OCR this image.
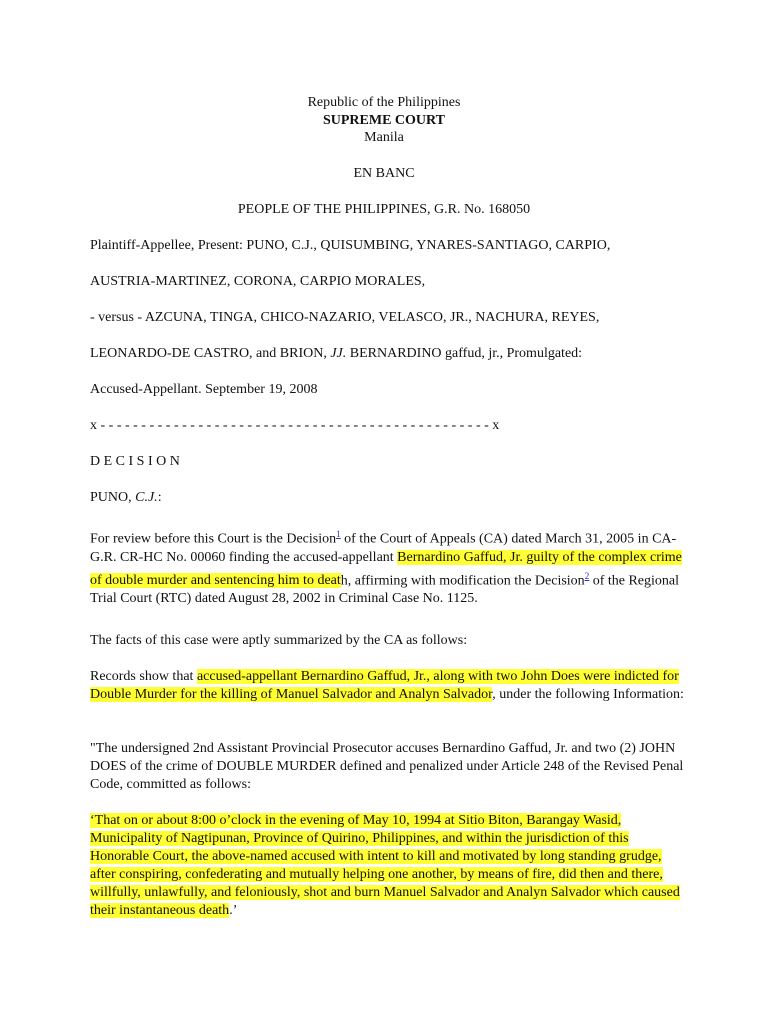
Republic of the Philippines
SUPREME COURT
Manila
EN BANC
PEOPLE OF THE PHILIPPINES, G.R. No. 168050
Plaintiff-Appellee, Present: PUNO, C.J., QUISUMBING, YNARES-SANTIAGO, CARPIO,
AUSTRIA-MARTINEZ, CORONA, CARPIO MORALES,
- versus - AZCUNA, TINGA, CHICO-NAZARIO, VELASCO, JR., NACHURA, REYES,
LEONARDO-DE CASTRO, and BRION, JJ. BERNARDINO gaffud, jr., Promulgated:
Accused-Appellant. September 19, 2008
x - - - - - - - - - - - - - - - - - - - - - - - - - - - - - - - - - - - - - - - - - - - - - - - - x
D E C I S I O N
PUNO, C.J.:
For review before this Court is the Decision$^1$ of the Court of Appeals (CA) dated March 31, 2005 in CA-G.R. CR-HC No. 00060 finding the accused-appellant Bernardino Gaffud, Jr. guilty of the complex crime of double murder and sentencing him to death, affirming with modification the Decision$^2$ of the Regional Trial Court (RTC) dated August 28, 2002 in Criminal Case No. 1125.
The facts of this case were aptly summarized by the CA as follows:
Records show that accused-appellant Bernardino Gaffud, Jr., along with two John Does were indicted for Double Murder for the killing of Manuel Salvador and Analyn Salvador, under the following Information:
"The undersigned 2nd Assistant Provincial Prosecutor accuses Bernardino Gaffud, Jr. and two (2) JOHN DOES of the crime of DOUBLE MURDER defined and penalized under Article 248 of the Revised Penal Code, committed as follows:
‘That on or about 8:00 o’clock in the evening of May 10, 1994 at Sitio Biton, Barangay Wasid, Municipality of Nagtipunan, Province of Quirino, Philippines, and within the jurisdiction of this Honorable Court, the above-named accused with intent to kill and motivated by long standing grudge, after conspiring, confederating and mutually helping one another, by means of fire, did then and there, willfully, unlawfully, and feloniously, shot and burn Manuel Salvador and Analyn Salvador which caused their instantaneous death.’
